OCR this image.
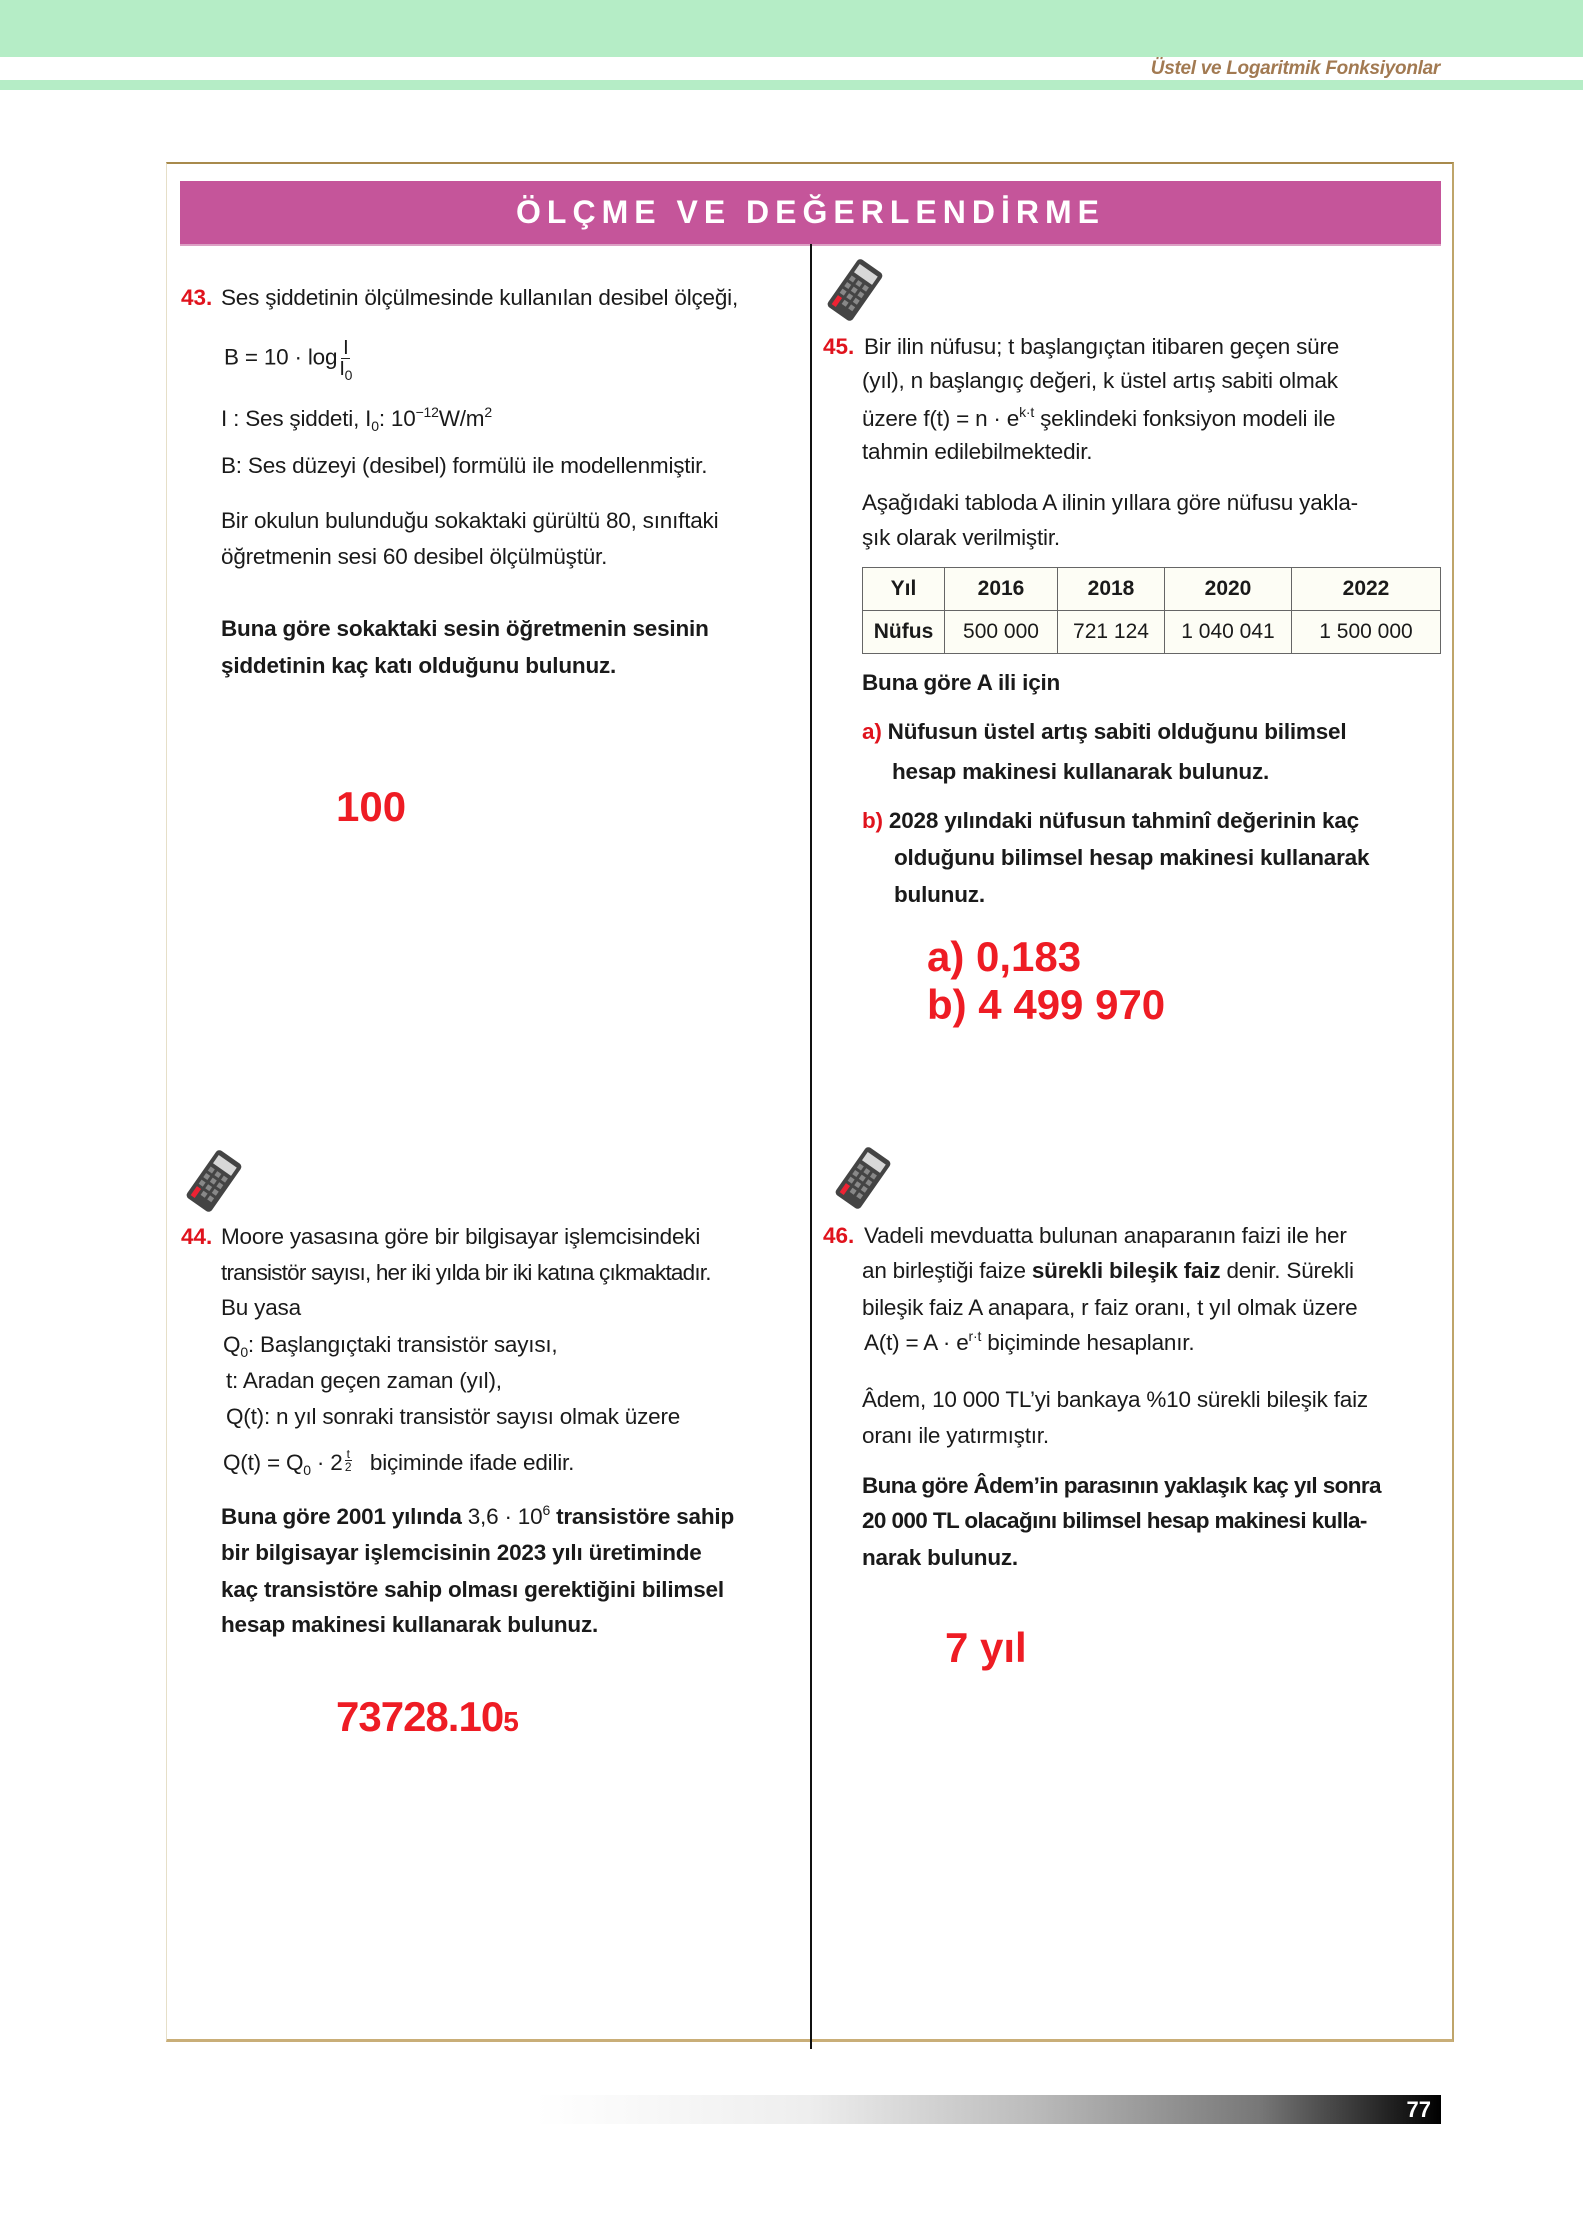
Üstel ve Logaritmik Fonksiyonlar
ÖLÇME VE DEĞERLENDİRME
43. Ses şiddetinin ölçülmesinde kullanılan desibel ölçeği,
$B = 10 \cdot \log \frac{I}{I_0}$
I : Ses şiddeti, $I_0$: $10^{-12}W/m^2$
B: Ses düzeyi (desibel) formülü ile modellenmiştir.
Bir okulun bulunduğu sokaktaki gürültü 80, sınıftaki
öğretmenin sesi 60 desibel ölçülmüştür.
Buna göre sokaktaki sesin öğretmenin sesinin
şiddetinin kaç katı olduğunu bulunuz.
100
45. Bir ilin nüfusu; t başlangıçtan itibaren geçen süre
(yıl), n başlangıç değeri, k üstel artış sabiti olmak
üzere $f(t) = n \cdot e^{k\cdot t}$ şeklindeki fonksiyon modeli ile
tahmin edilebilmektedir.
Aşağıdaki tabloda A ilinin yıllara göre nüfusu yakla-
şık olarak verilmiştir.
Yıl	2016	2018	2020	2022
Nüfus	500 000	721 124	1 040 041	1 500 000
Buna göre A ili için
a) Nüfusun üstel artış sabiti olduğunu bilimsel
hesap makinesi kullanarak bulunuz.
b) 2028 yılındaki nüfusun tahminî değerinin kaç
olduğunu bilimsel hesap makinesi kullanarak
bulunuz.
a) 0,183
b) 4 499 970
44. Moore yasasına göre bir bilgisayar işlemcisindeki
transistör sayısı, her iki yılda bir iki katına çıkmaktadır.
Bu yasa
$Q_0$: Başlangıçtaki transistör sayısı,
t: Aradan geçen zaman (yıl),
Q(t): n yıl sonraki transistör sayısı olmak üzere
$Q(t) = Q_0 \cdot 2 \frac{t}{2}$ biçiminde ifade edilir.
Buna göre 2001 yılında $3,6 \cdot 10^6$ transistöre sahip
bir bilgisayar işlemcisinin 2023 yılı üretiminde
kaç transistöre sahip olması gerektiğini bilimsel
hesap makinesi kullanarak bulunuz.
73728.105
46. Vadeli mevduatta bulunan anaparanın faizi ile her
an birleştiği faize sürekli bileşik faiz denir. Sürekli
bileşik faiz A anapara, r faiz oranı, t yıl olmak üzere
$A(t) = A \cdot e^{r\cdot t}$ biçiminde hesaplanır.
Âdem, 10 000 TL’yi bankaya %10 sürekli bileşik faiz
oranı ile yatırmıştır.
Buna göre Âdem’in parasının yaklaşık kaç yıl sonra
20 000 TL olacağını bilimsel hesap makinesi kulla-
narak bulunuz.
7 yıl
77
